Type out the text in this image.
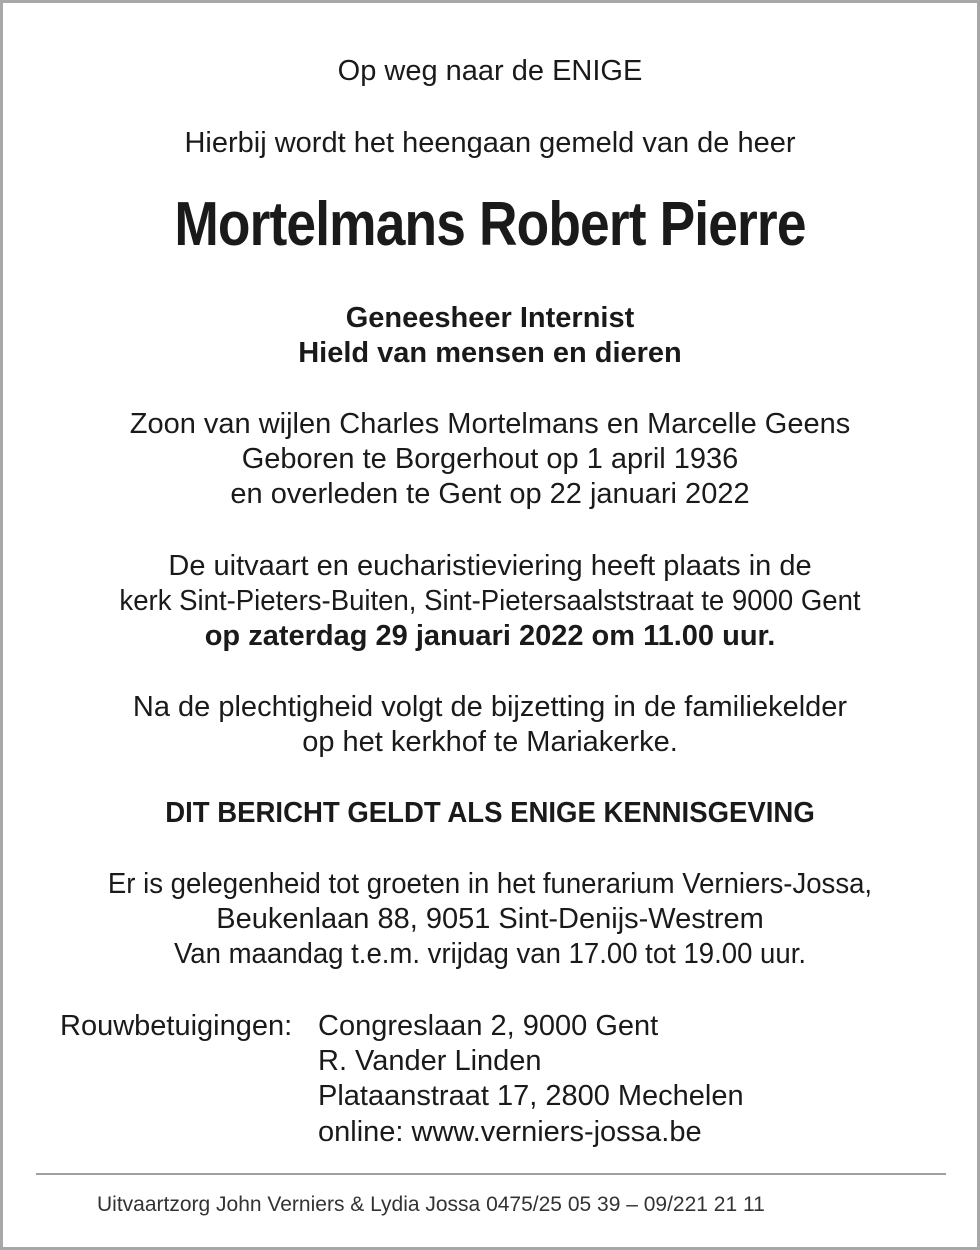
Op weg naar de ENIGE
Hierbij wordt het heengaan gemeld van de heer
Mortelmans Robert Pierre
Geneesheer Internist
Hield van mensen en dieren
Zoon van wijlen Charles Mortelmans en Marcelle Geens
Geboren te Borgerhout op 1 april 1936
en overleden te Gent op 22 januari 2022
De uitvaart en eucharistieviering heeft plaats in de
kerk Sint-Pieters-Buiten, Sint-Pietersaalststraat te 9000 Gent
op zaterdag 29 januari 2022 om 11.00 uur.
Na de plechtigheid volgt de bijzetting in de familiekelder
op het kerkhof te Mariakerke.
DIT BERICHT GELDT ALS ENIGE KENNISGEVING
Er is gelegenheid tot groeten in het funerarium Verniers-Jossa,
Beukenlaan 88, 9051 Sint-Denijs-Westrem
Van maandag t.e.m. vrijdag van 17.00 tot 19.00 uur.
Rouwbetuigingen: Congreslaan 2, 9000 Gent
R. Vander Linden
Plataanstraat 17, 2800 Mechelen
online: www.verniers-jossa.be
Uitvaartzorg John Verniers & Lydia Jossa 0475/25 05 39 – 09/221 21 11
